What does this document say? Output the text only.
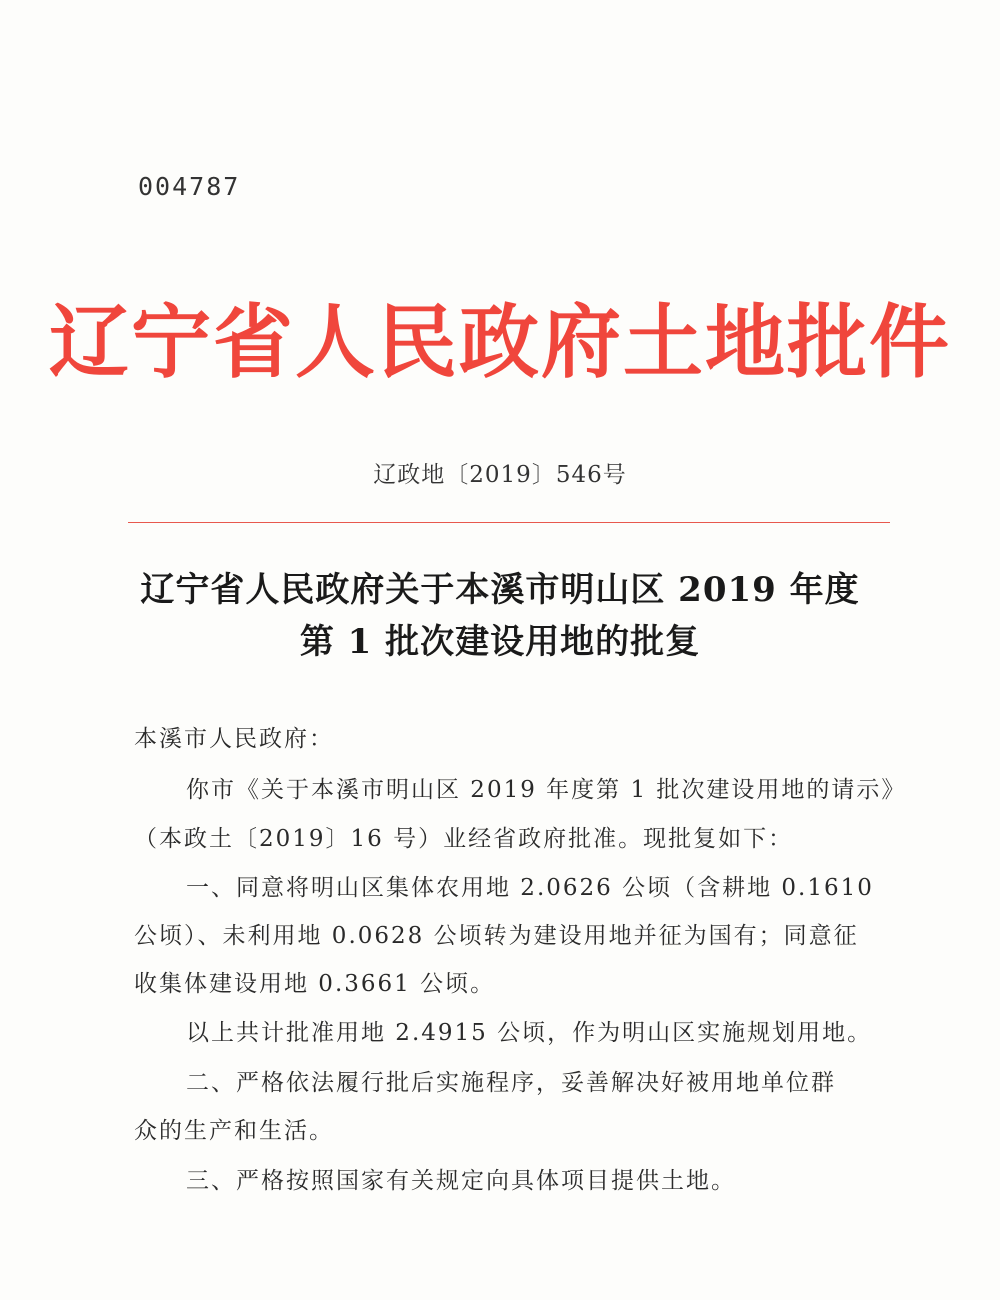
004787
辽宁省人民政府土地批件
辽政地〔2019〕546号
辽宁省人民政府关于本溪市明山区 2019 年度
第 1 批次建设用地的批复
本溪市人民政府：
你市《关于本溪市明山区 2019 年度第 1 批次建设用地的请示》
（本政土〔2019〕16 号）业经省政府批准。现批复如下：
一、同意将明山区集体农用地 2.0626 公顷（含耕地 0.1610
公顷）、未利用地 0.0628 公顷转为建设用地并征为国有；同意征
收集体建设用地 0.3661 公顷。
以上共计批准用地 2.4915 公顷，作为明山区实施规划用地。
二、严格依法履行批后实施程序，妥善解决好被用地单位群
众的生产和生活。
三、严格按照国家有关规定向具体项目提供土地。
